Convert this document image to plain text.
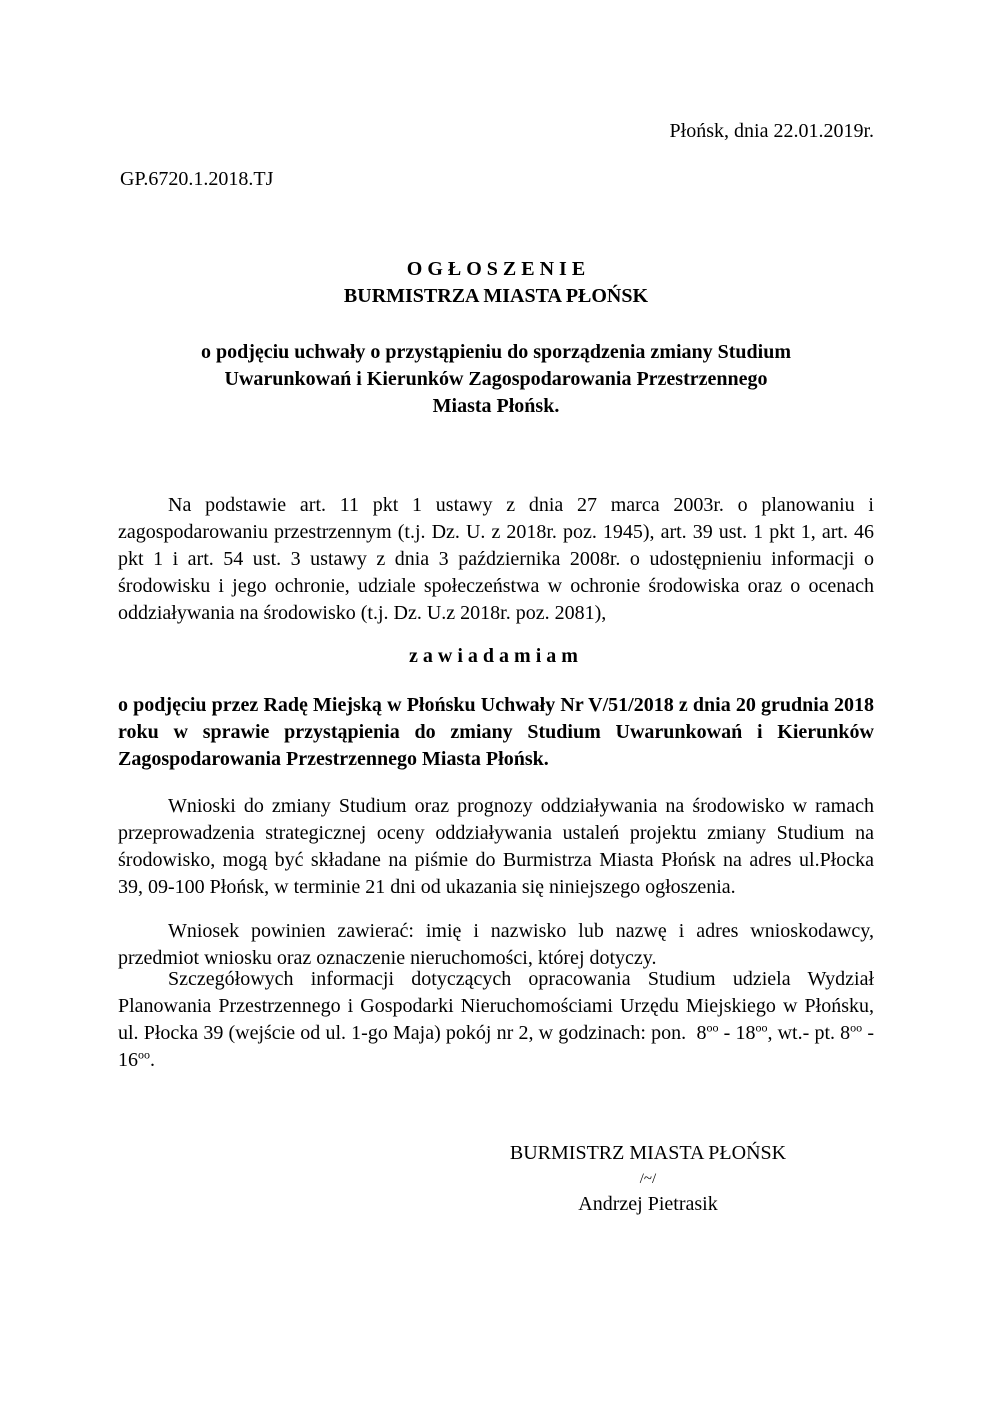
Płońsk, dnia 22.01.2019r.
GP.6720.1.2018.TJ
OGŁOSZENIE
BURMISTRZA MIASTA PŁOŃSK
o podjęciu uchwały o przystąpieniu do sporządzenia zmiany Studium
Uwarunkowań i Kierunków Zagospodarowania Przestrzennego
Miasta Płońsk.
Na podstawie art. 11 pkt 1 ustawy z dnia 27 marca 2003r. o planowaniu i zagospodarowaniu przestrzennym (t.j. Dz. U. z 2018r. poz. 1945), art. 39 ust. 1 pkt 1, art. 46 pkt 1 i art. 54 ust. 3 ustawy z dnia 3 października 2008r. o udostępnieniu informacji o środowisku i jego ochronie, udziale społeczeństwa w ochronie środowiska oraz o ocenach oddziaływania na środowisko (t.j. Dz. U.z 2018r. poz. 2081),
zawiadamiam
o podjęciu przez Radę Miejską w Płońsku Uchwały Nr V/51/2018 z dnia 20 grudnia 2018 roku w sprawie przystąpienia do zmiany Studium Uwarunkowań i Kierunków Zagospodarowania Przestrzennego Miasta Płońsk.
Wnioski do zmiany Studium oraz prognozy oddziaływania na środowisko w ramach przeprowadzenia strategicznej oceny oddziaływania ustaleń projektu zmiany Studium na środowisko, mogą być składane na piśmie do Burmistrza Miasta Płońsk na adres ul.Płocka 39, 09-100 Płońsk, w terminie 21 dni od ukazania się niniejszego ogłoszenia.
Wniosek powinien zawierać: imię i nazwisko lub nazwę i adres wnioskodawcy, przedmiot wniosku oraz oznaczenie nieruchomości, której dotyczy.
Szczegółowych informacji dotyczących opracowania Studium udziela Wydział Planowania Przestrzennego i Gospodarki Nieruchomościami Urzędu Miejskiego w Płońsku, ul. Płocka 39 (wejście od ul. 1-go Maja) pokój nr 2, w godzinach: pon. $8^{oo} - 18^{oo}$, wt.- pt. $8^{oo} - 16^{oo}$.
BURMISTRZ MIASTA PŁOŃSK
/~/
Andrzej Pietrasik
